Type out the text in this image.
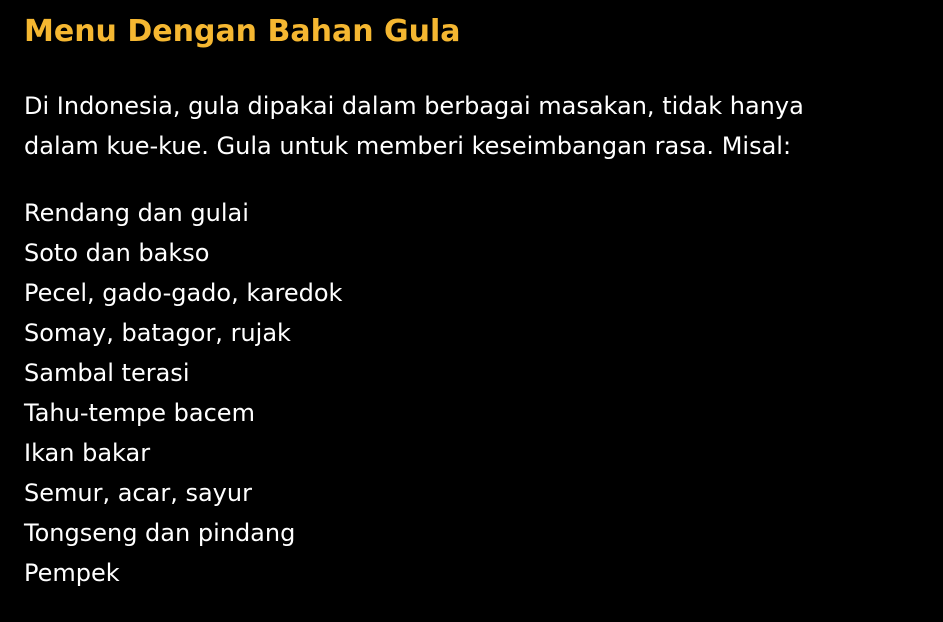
Menu Dengan Bahan Gula

Di Indonesia, gula dipakai dalam berbagai masakan, tidak hanya
dalam kue-kue. Gula untuk memberi keseimbangan rasa. Misal:

Rendang dan gulai
Soto dan bakso
Pecel, gado-gado, karedok
Somay, batagor, rujak
Sambal terasi
Tahu-tempe bacem
Ikan bakar
Semur, acar, sayur
Tongseng dan pindang
Pempek
